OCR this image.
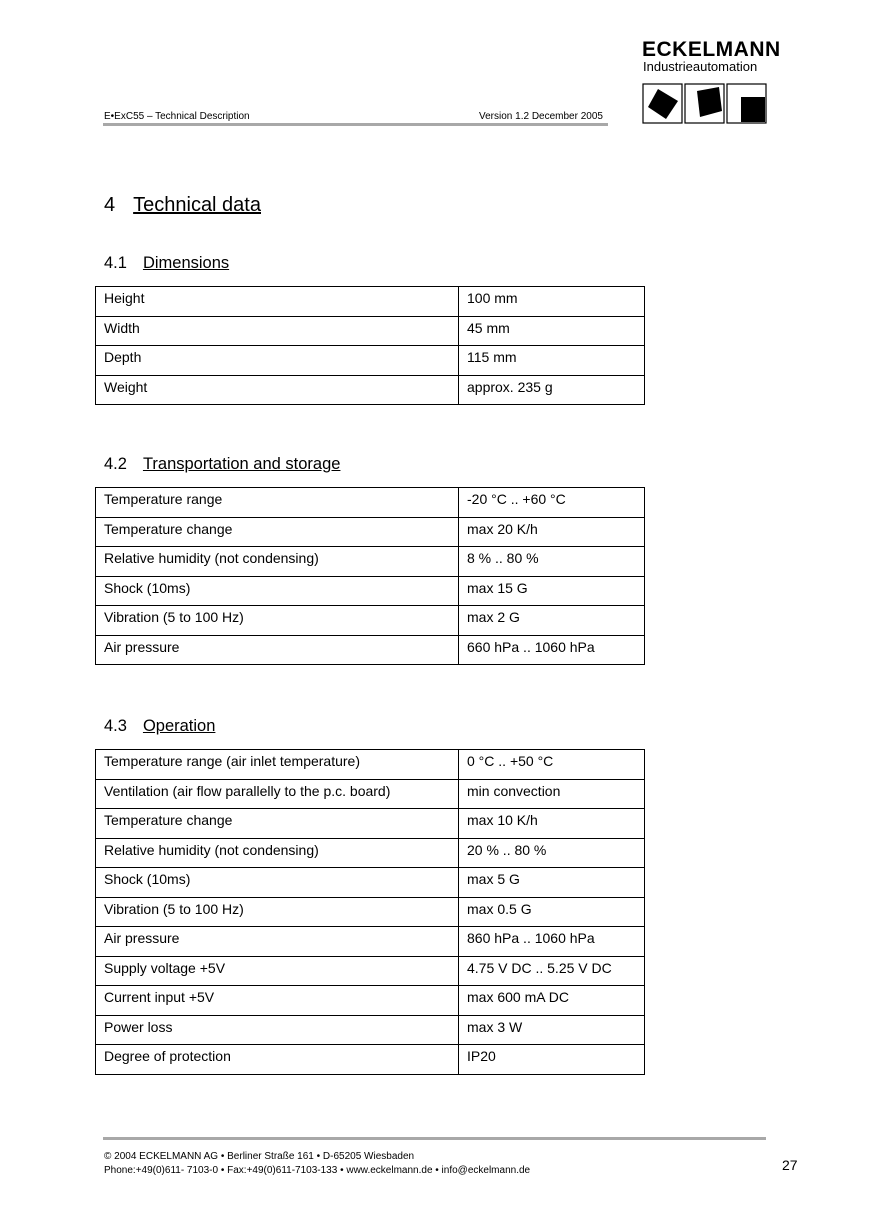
E•ExC55 – Technical Description	Version 1.2 December 2005
ECKELMANN
Industrieautomation
4 Technical data
4.1 Dimensions
Height	100 mm
Width	45 mm
Depth	115 mm
Weight	approx. 235 g
4.2 Transportation and storage
Temperature range	-20 °C .. +60 °C
Temperature change	max 20 K/h
Relative humidity (not condensing)	8 % .. 80 %
Shock (10ms)	max 15 G
Vibration (5 to 100 Hz)	max 2 G
Air pressure	660 hPa .. 1060 hPa
4.3 Operation
Temperature range (air inlet temperature)	0 °C .. +50 °C
Ventilation (air flow parallelly to the p.c. board)	min convection
Temperature change	max 10 K/h
Relative humidity (not condensing)	20 % .. 80 %
Shock (10ms)	max 5 G
Vibration (5 to 100 Hz)	max 0.5 G
Air pressure	860 hPa .. 1060 hPa
Supply voltage +5V	4.75 V DC .. 5.25 V DC
Current input +5V	max 600 mA DC
Power loss	max 3 W
Degree of protection	IP20
© 2004 ECKELMANN AG • Berliner Straße 161 • D-65205 Wiesbaden
Phone:+49(0)611- 7103-0 • Fax:+49(0)611-7103-133 • www.eckelmann.de • info@eckelmann.de	27
